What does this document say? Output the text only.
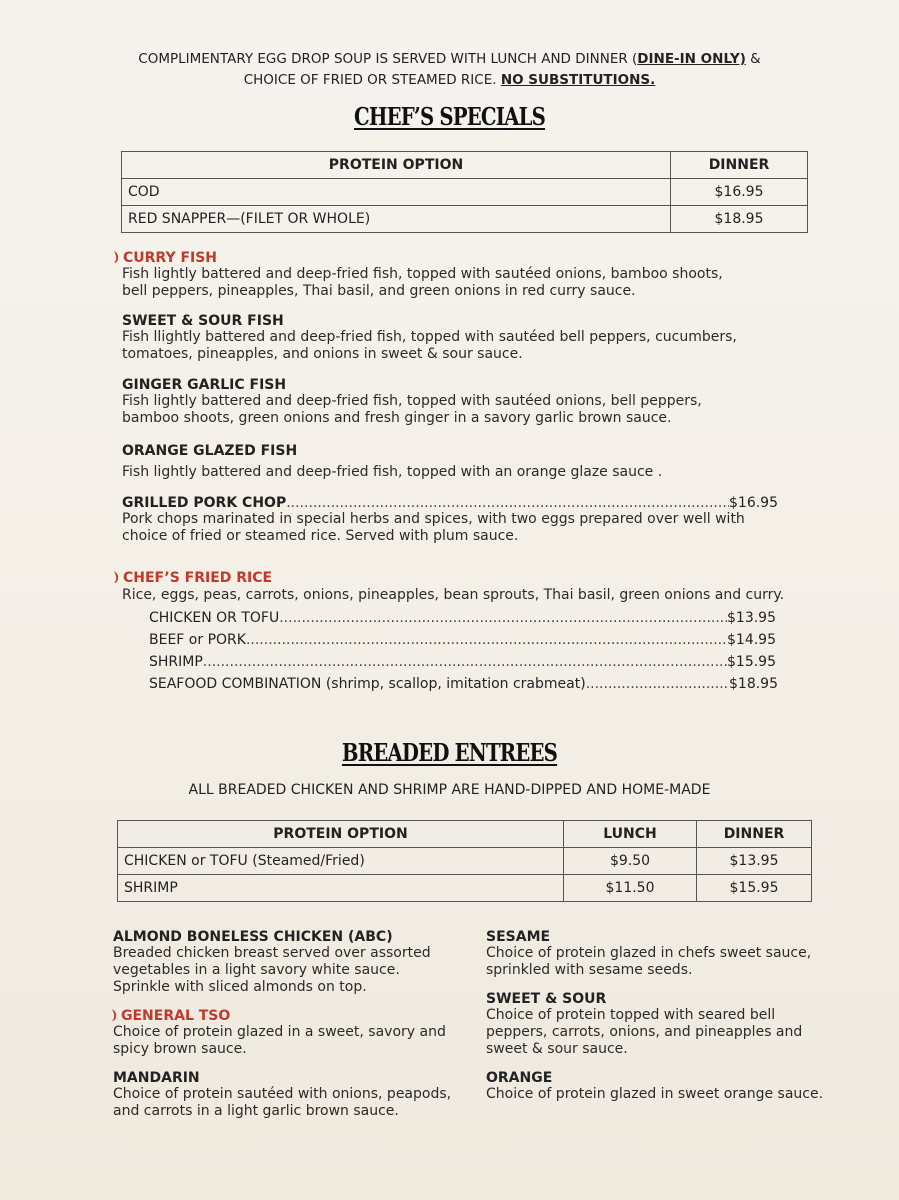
COMPLIMENTARY EGG DROP SOUP IS SERVED WITH LUNCH AND DINNER (DINE-IN ONLY) &
CHOICE OF FRIED OR STEAMED RICE. NO SUBSTITUTIONS.
CHEF’S SPECIALS
PROTEIN OPTION	DINNER
COD	$16.95
RED SNAPPER—(FILET OR WHOLE)	$18.95
CURRY FISH
Fish lightly battered and deep-fried fish, topped with sautéed onions, bamboo shoots,
bell peppers, pineapples, Thai basil, and green onions in red curry sauce.
SWEET & SOUR FISH
Fish llightly battered and deep-fried fish, topped with sautéed bell peppers, cucumbers,
tomatoes, pineapples, and onions in sweet & sour sauce.
GINGER GARLIC FISH
Fish lightly battered and deep-fried fish, topped with sautéed onions, bell peppers,
bamboo shoots, green onions and fresh ginger in a savory garlic brown sauce.
ORANGE GLAZED FISH
Fish lightly battered and deep-fried fish, topped with an orange glaze sauce .
GRILLED PORK CHOP .....	$16.95
Pork chops marinated in special herbs and spices, with two eggs prepared over well with
choice of fried or steamed rice. Served with plum sauce.
CHEF’S FRIED RICE
Rice, eggs, peas, carrots, onions, pineapples, bean sprouts, Thai basil, green onions and curry.
CHICKEN OR TOFU .....	$13.95
BEEF or PORK .....	$14.95
SHRIMP .....	$15.95
SEAFOOD COMBINATION (shrimp, scallop, imitation crabmeat) .....	$18.95
BREADED ENTREES
ALL BREADED CHICKEN AND SHRIMP ARE HAND-DIPPED AND HOME-MADE
PROTEIN OPTION	LUNCH	DINNER
CHICKEN or TOFU (Steamed/Fried)	$9.50	$13.95
SHRIMP	$11.50	$15.95
ALMOND BONELESS CHICKEN (ABC)
Breaded chicken breast served over assorted
vegetables in a light savory white sauce.
Sprinkle with sliced almonds on top.
GENERAL TSO
Choice of protein glazed in a sweet, savory and
spicy brown sauce.
MANDARIN
Choice of protein sautéed with onions, peapods,
and carrots in a light garlic brown sauce.
SESAME
Choice of protein glazed in chefs sweet sauce,
sprinkled with sesame seeds.
SWEET & SOUR
Choice of protein topped with seared bell
peppers, carrots, onions, and pineapples and
sweet & sour sauce.
ORANGE
Choice of protein glazed in sweet orange sauce.
